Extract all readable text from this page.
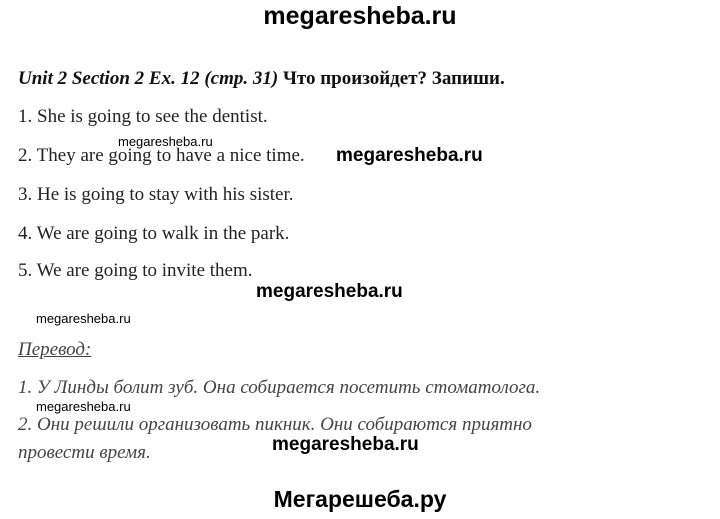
megaresheba.ru
Unit 2 Section 2 Ex. 12 (стр. 31) Что произойдет? Запиши.
1. She is going to see the dentist.
megaresheba.ru
2. They are going to have a nice time. megaresheba.ru
3. He is going to stay with his sister.
4. We are going to walk in the park.
5. We are going to invite them.
megaresheba.ru
megaresheba.ru
Перевод:
1. У Линды болит зуб. Она собирается посетить стоматолога.
megaresheba.ru
2. Они решили организовать пикник. Они собираются приятно
megaresheba.ru
провести время.
Мегарешеба.ру
